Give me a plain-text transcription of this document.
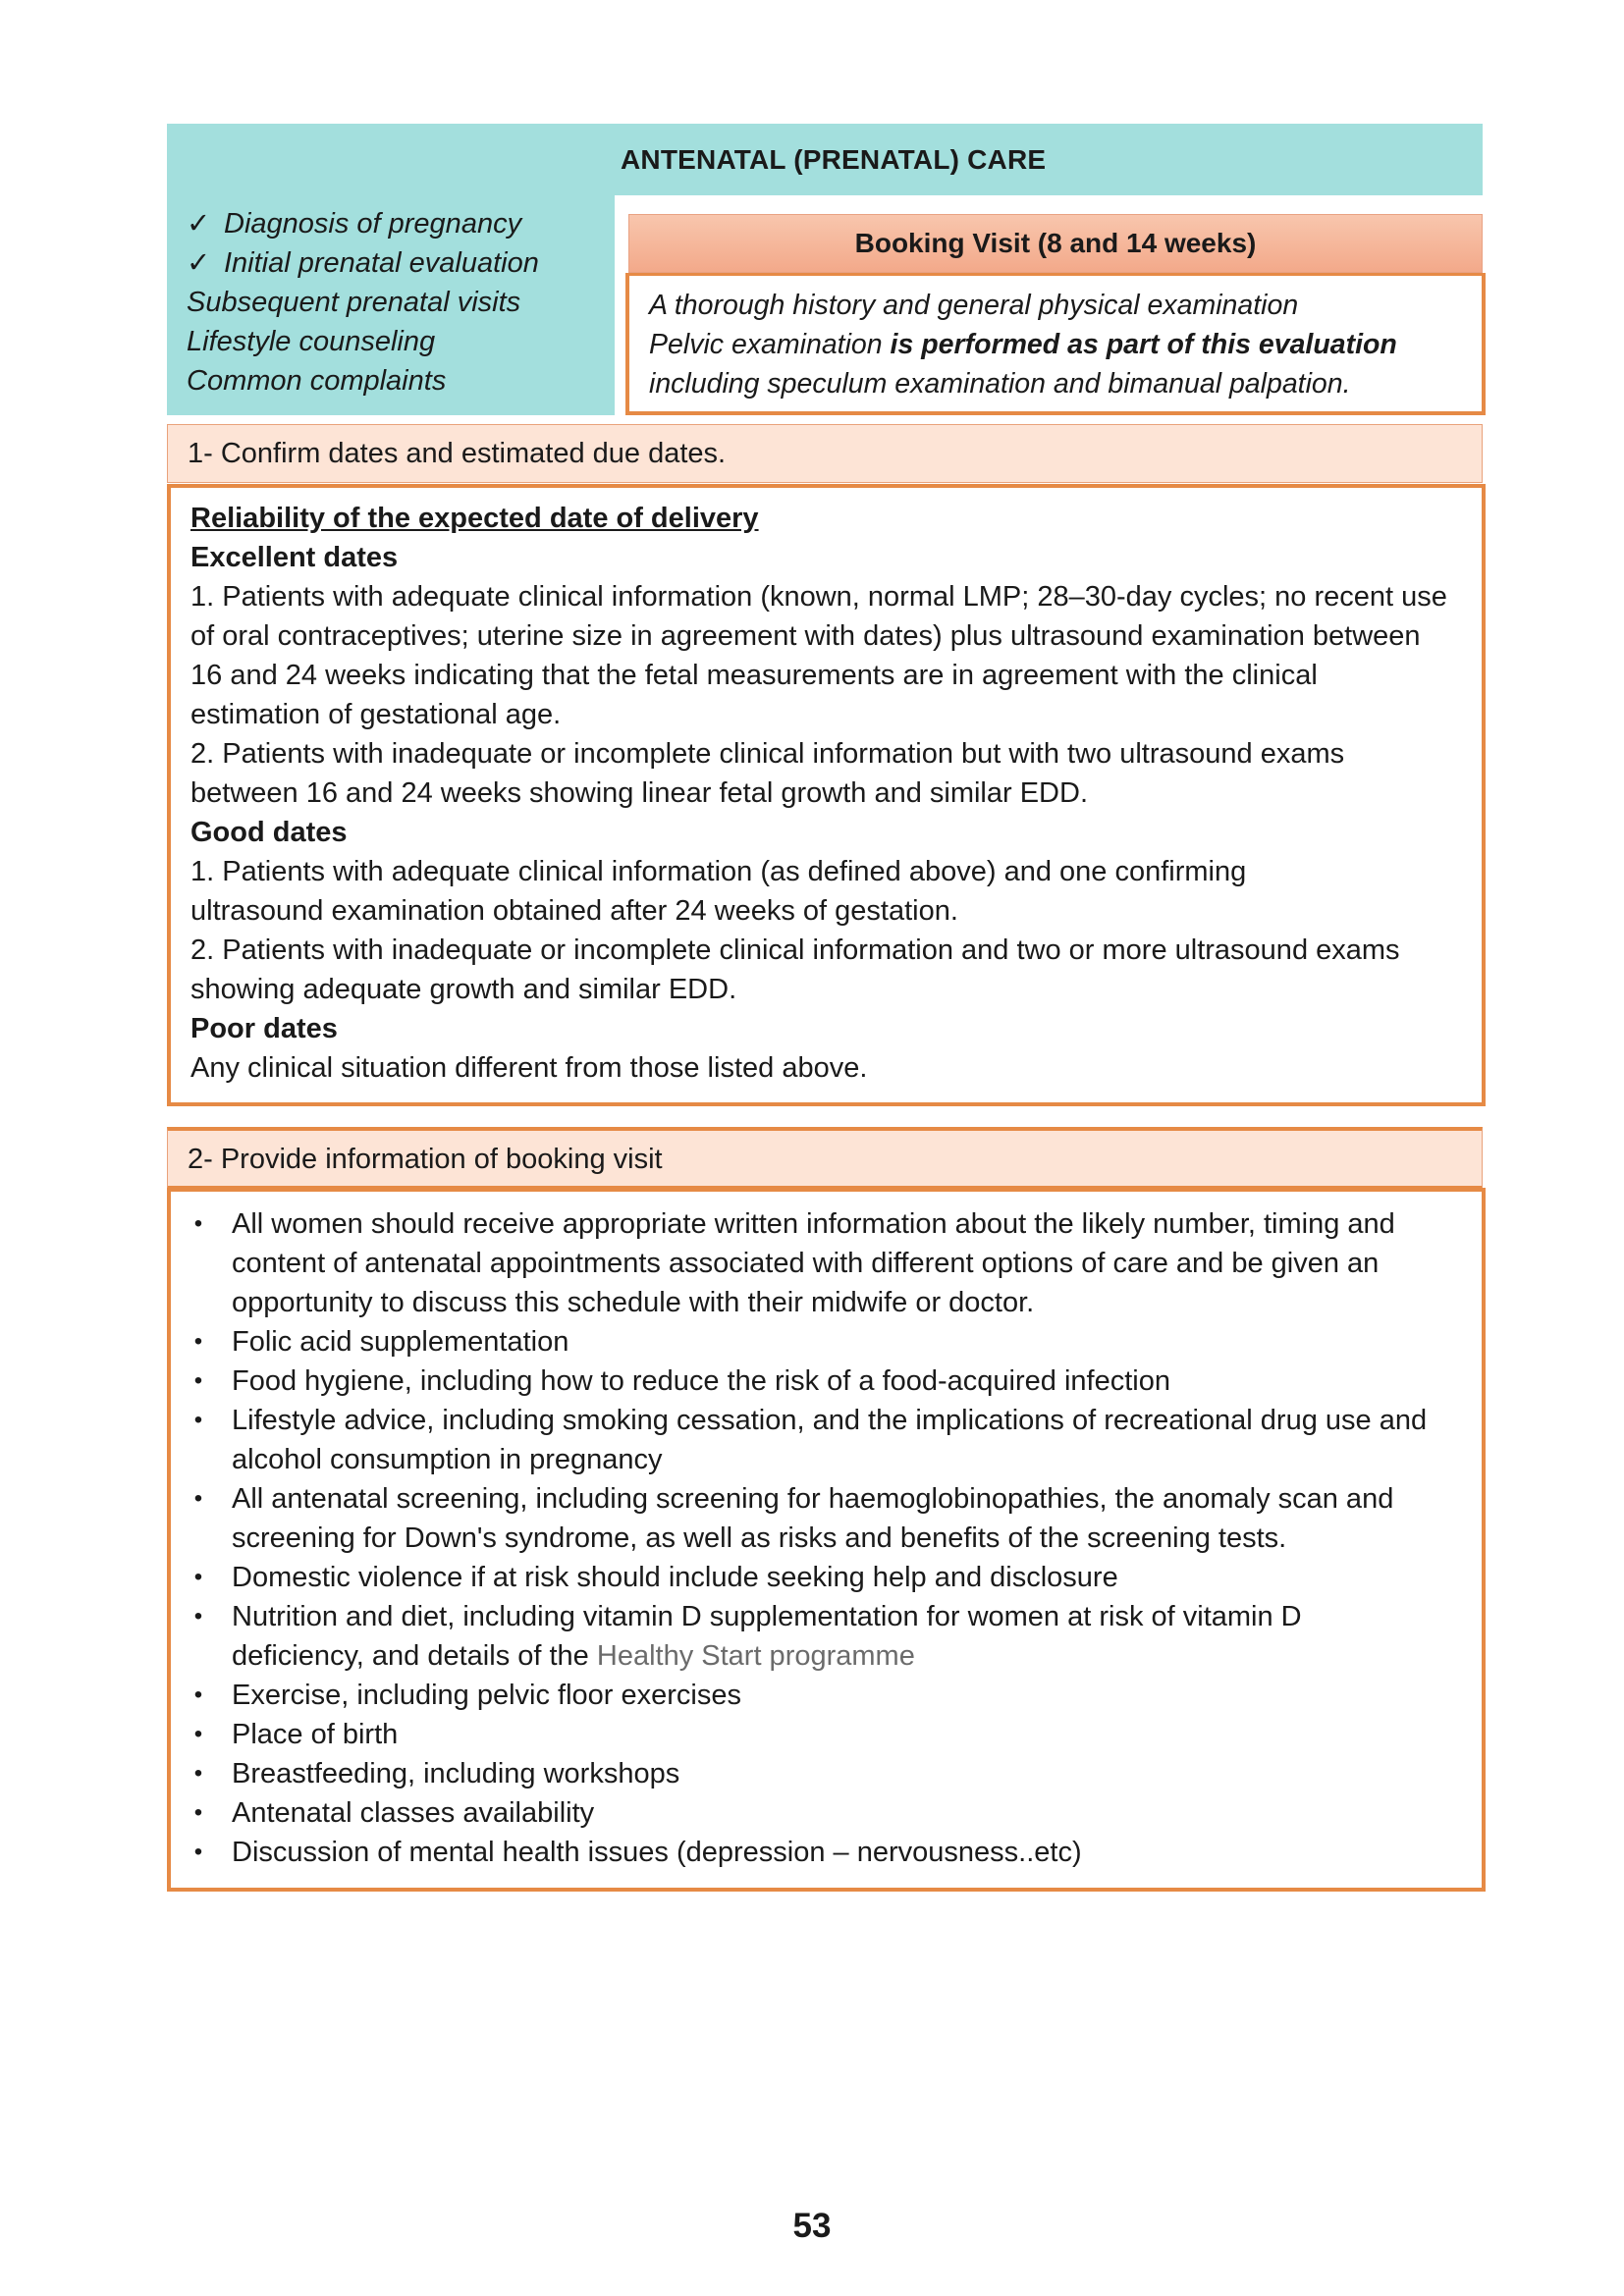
ANTENATAL (PRENATAL) CARE
✓ Diagnosis of pregnancy
✓ Initial prenatal evaluation
Subsequent prenatal visits
Lifestyle counseling
Common complaints
Booking Visit (8 and 14 weeks)
A thorough history and general physical examination
Pelvic examination is performed as part of this evaluation
including speculum examination and bimanual palpation.
1- Confirm dates and estimated due dates.
Reliability of the expected date of delivery
Excellent dates
1. Patients with adequate clinical information (known, normal LMP; 28–30-day cycles; no recent use of oral contraceptives; uterine size in agreement with dates) plus ultrasound examination between 16 and 24 weeks indicating that the fetal measurements are in agreement with the clinical estimation of gestational age.
2. Patients with inadequate or incomplete clinical information but with two ultrasound exams between 16 and 24 weeks showing linear fetal growth and similar EDD.
Good dates
1. Patients with adequate clinical information (as defined above) and one confirming ultrasound examination obtained after 24 weeks of gestation.
2. Patients with inadequate or incomplete clinical information and two or more ultrasound exams showing adequate growth and similar EDD.
Poor dates
Any clinical situation different from those listed above.
2- Provide information of booking visit
• All women should receive appropriate written information about the likely number, timing and content of antenatal appointments associated with different options of care and be given an opportunity to discuss this schedule with their midwife or doctor.
• Folic acid supplementation
• Food hygiene, including how to reduce the risk of a food-acquired infection
• Lifestyle advice, including smoking cessation, and the implications of recreational drug use and alcohol consumption in pregnancy
• All antenatal screening, including screening for haemoglobinopathies, the anomaly scan and screening for Down's syndrome, as well as risks and benefits of the screening tests.
• Domestic violence if at risk should include seeking help and disclosure
• Nutrition and diet, including vitamin D supplementation for women at risk of vitamin D deficiency, and details of the Healthy Start programme
• Exercise, including pelvic floor exercises
• Place of birth
• Breastfeeding, including workshops
• Antenatal classes availability
• Discussion of mental health issues (depression – nervousness..etc)
53
